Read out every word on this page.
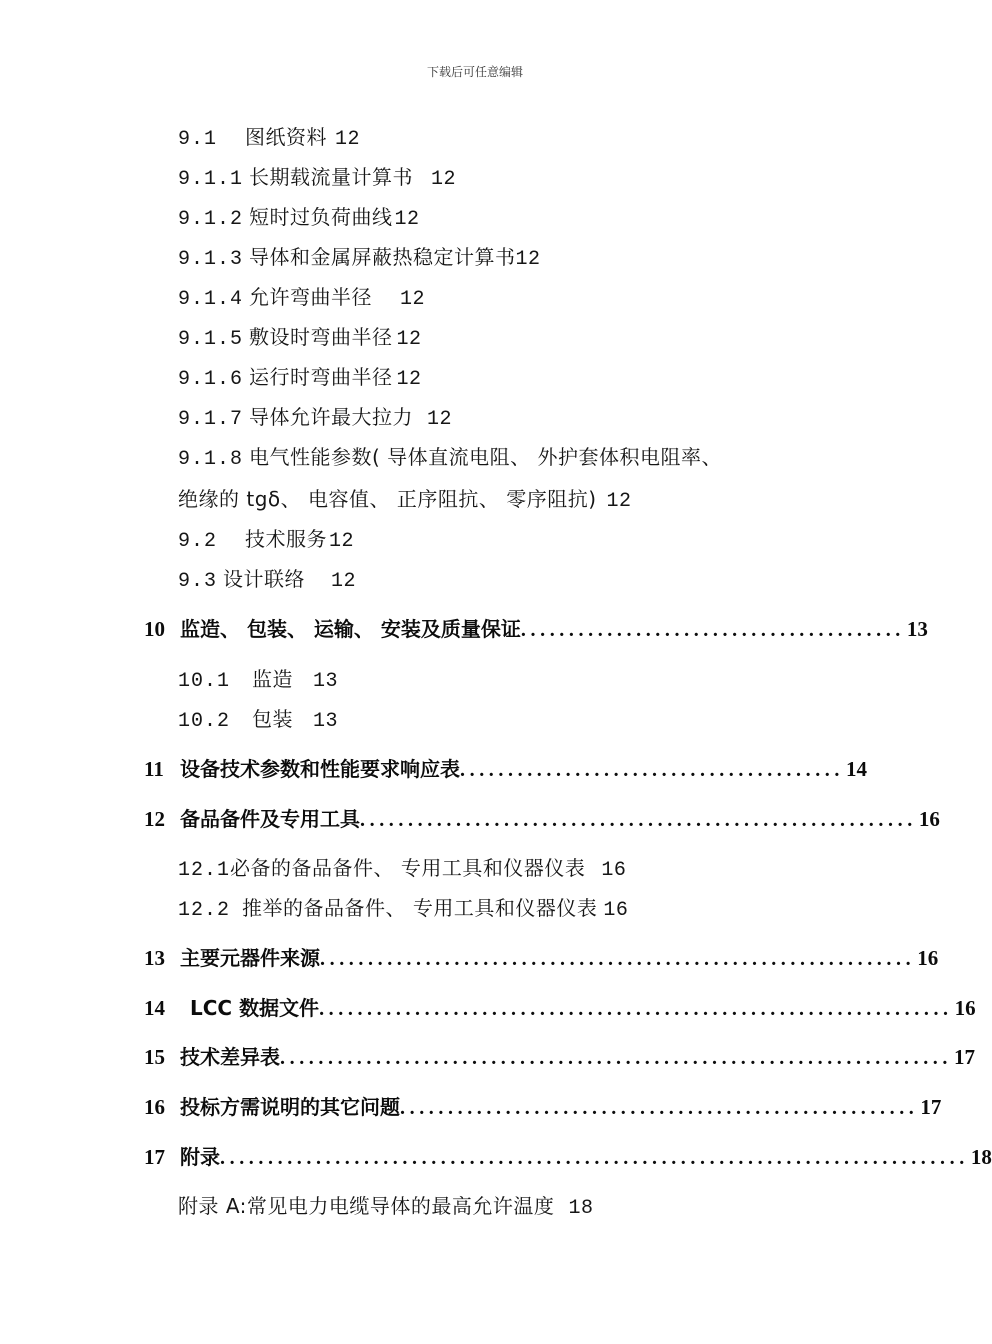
下载后可任意编辑
9.1 图纸资料 12
9.1.1 长期载流量计算书 12
9.1.2 短时过负荷曲线 12
9.1.3 导体和金属屏蔽热稳定计算书12
9.1.4 允许弯曲半径 12
9.1.5 敷设时弯曲半径 12
9.1.6 运行时弯曲半径 12
9.1.7 导体允许最大拉力 12
9.1.8 电气性能参数( 导体直流电阻、 外护套体积电阻率、
绝缘的 tgδ、 电容值、 正序阻抗、 零序阻抗) 12
9.2 技术服务 12
9.3 设计联络 12
10 监造、 包装、 运输、 安装及质量保证 ........................................ 13
10.1 监造 13
10.2 包装 13
11 设备技术参数和性能要求响应表 ........................................ 14
12 备品备件及专用工具 .......................................................... 16
12.1必备的备品备件、 专用工具和仪器仪表 16
12.2 推举的备品备件、 专用工具和仪器仪表 16
13 主要元器件来源 .............................................................. 16
14	LCC 数据文件 .................................................................. 16
15 技术差异表 ...................................................................... 17
16 投标方需说明的其它问题 ...................................................... 17
17 附录 .............................................................................. 18
附录 A:常见电力电缆导体的最高允许温度 18
